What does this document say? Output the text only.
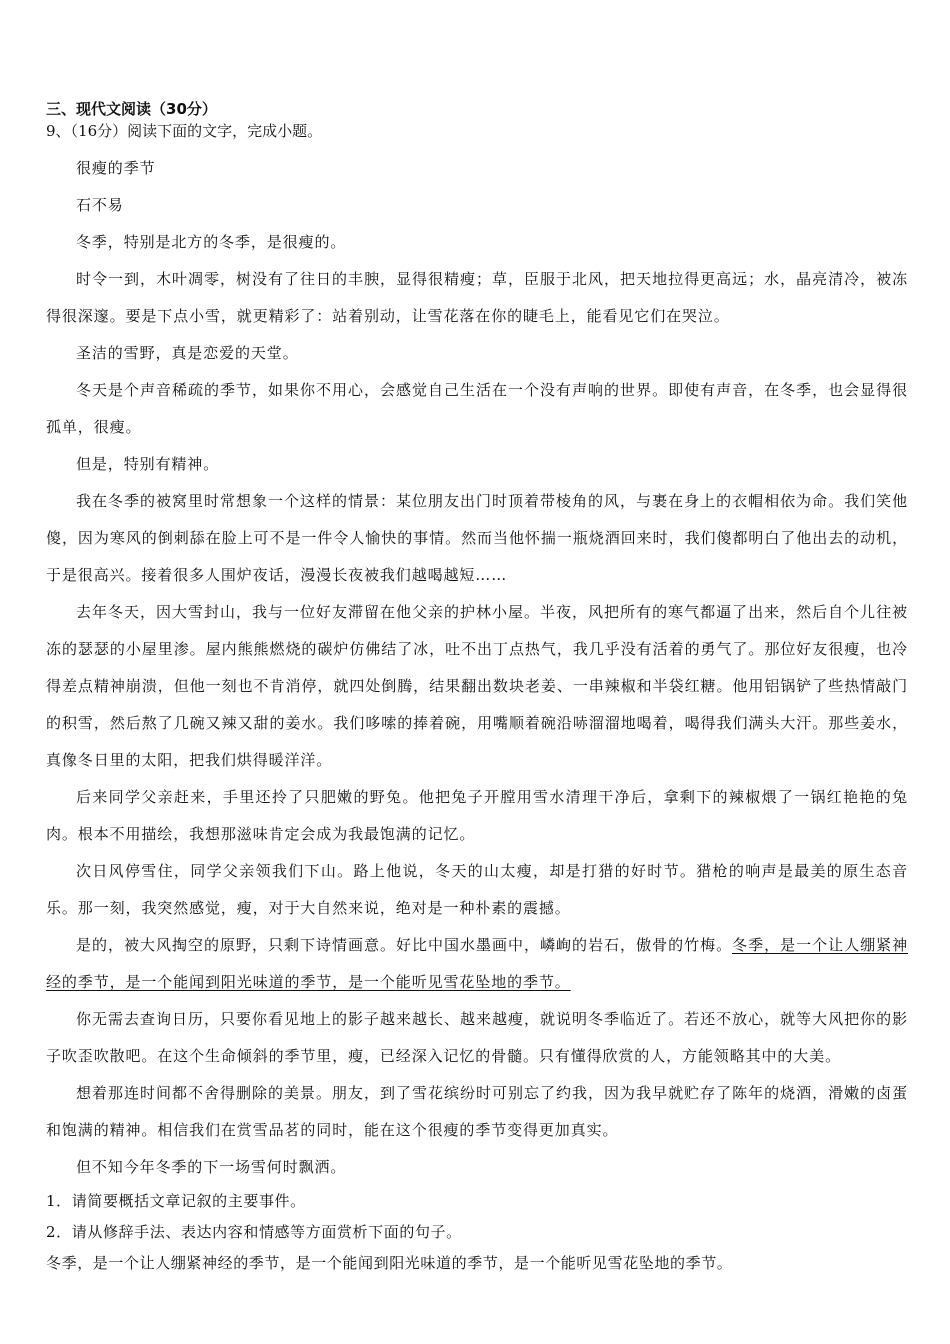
三、现代文阅读（30分）
9、（16分）阅读下面的文字，完成小题。

很瘦的季节

石不易

冬季，特别是北方的冬季，是很瘦的。

时令一到，木叶凋零，树没有了往日的丰腴，显得很精瘦；草，臣服于北风，把天地拉得更高远；水，晶亮清冷，被冻得很深邃。要是下点小雪，就更精彩了：站着别动，让雪花落在你的睫毛上，能看见它们在哭泣。

圣洁的雪野，真是恋爱的天堂。

冬天是个声音稀疏的季节，如果你不用心，会感觉自己生活在一个没有声响的世界。即使有声音，在冬季，也会显得很孤单，很瘦。

但是，特别有精神。

我在冬季的被窝里时常想象一个这样的情景：某位朋友出门时顶着带棱角的风，与裹在身上的衣帽相依为命。我们笑他傻，因为寒风的倒刺舔在脸上可不是一件令人愉快的事情。然而当他怀揣一瓶烧酒回来时，我们傻都明白了他出去的动机，于是很高兴。接着很多人围炉夜话，漫漫长夜被我们越喝越短……

去年冬天，因大雪封山，我与一位好友滞留在他父亲的护林小屋。半夜，风把所有的寒气都逼了出来，然后自个儿往被冻的瑟瑟的小屋里渗。屋内熊熊燃烧的碳炉仿佛结了冰，吐不出丁点热气，我几乎没有活着的勇气了。那位好友很瘦，也冷得差点精神崩溃，但他一刻也不肯消停，就四处倒腾，结果翻出数块老姜、一串辣椒和半袋红糖。他用铝锅铲了些热情敲门的积雪，然后熬了几碗又辣又甜的姜水。我们哆嗦的捧着碗，用嘴顺着碗沿哧溜溜地喝着，喝得我们满头大汗。那些姜水，真像冬日里的太阳，把我们烘得暖洋洋。

后来同学父亲赶来，手里还拎了只肥嫩的野兔。他把兔子开膛用雪水清理干净后，拿剩下的辣椒煨了一锅红艳艳的兔肉。根本不用描绘，我想那滋味肯定会成为我最饱满的记忆。

次日风停雪住，同学父亲领我们下山。路上他说，冬天的山太瘦，却是打猎的好时节。猎枪的响声是最美的原生态音乐。那一刻，我突然感觉，瘦，对于大自然来说，绝对是一种朴素的震撼。

是的，被大风掏空的原野，只剩下诗情画意。好比中国水墨画中，嶙峋的岩石，傲骨的竹梅。冬季，是一个让人绷紧神经的季节，是一个能闻到阳光味道的季节，是一个能听见雪花坠地的季节。

你无需去查询日历，只要你看见地上的影子越来越长、越来越瘦，就说明冬季临近了。若还不放心，就等大风把你的影子吹歪吹散吧。在这个生命倾斜的季节里，瘦，已经深入记忆的骨髓。只有懂得欣赏的人，方能领略其中的大美。

想着那连时间都不舍得删除的美景。朋友，到了雪花缤纷时可别忘了约我，因为我早就贮存了陈年的烧酒，滑嫩的卤蛋和饱满的精神。相信我们在赏雪品茗的同时，能在这个很瘦的季节变得更加真实。

但不知今年冬季的下一场雪何时飘洒。

1．请简要概括文章记叙的主要事件。

2．请从修辞手法、表达内容和情感等方面赏析下面的句子。

冬季，是一个让人绷紧神经的季节，是一个能闻到阳光味道的季节，是一个能听见雪花坠地的季节。
